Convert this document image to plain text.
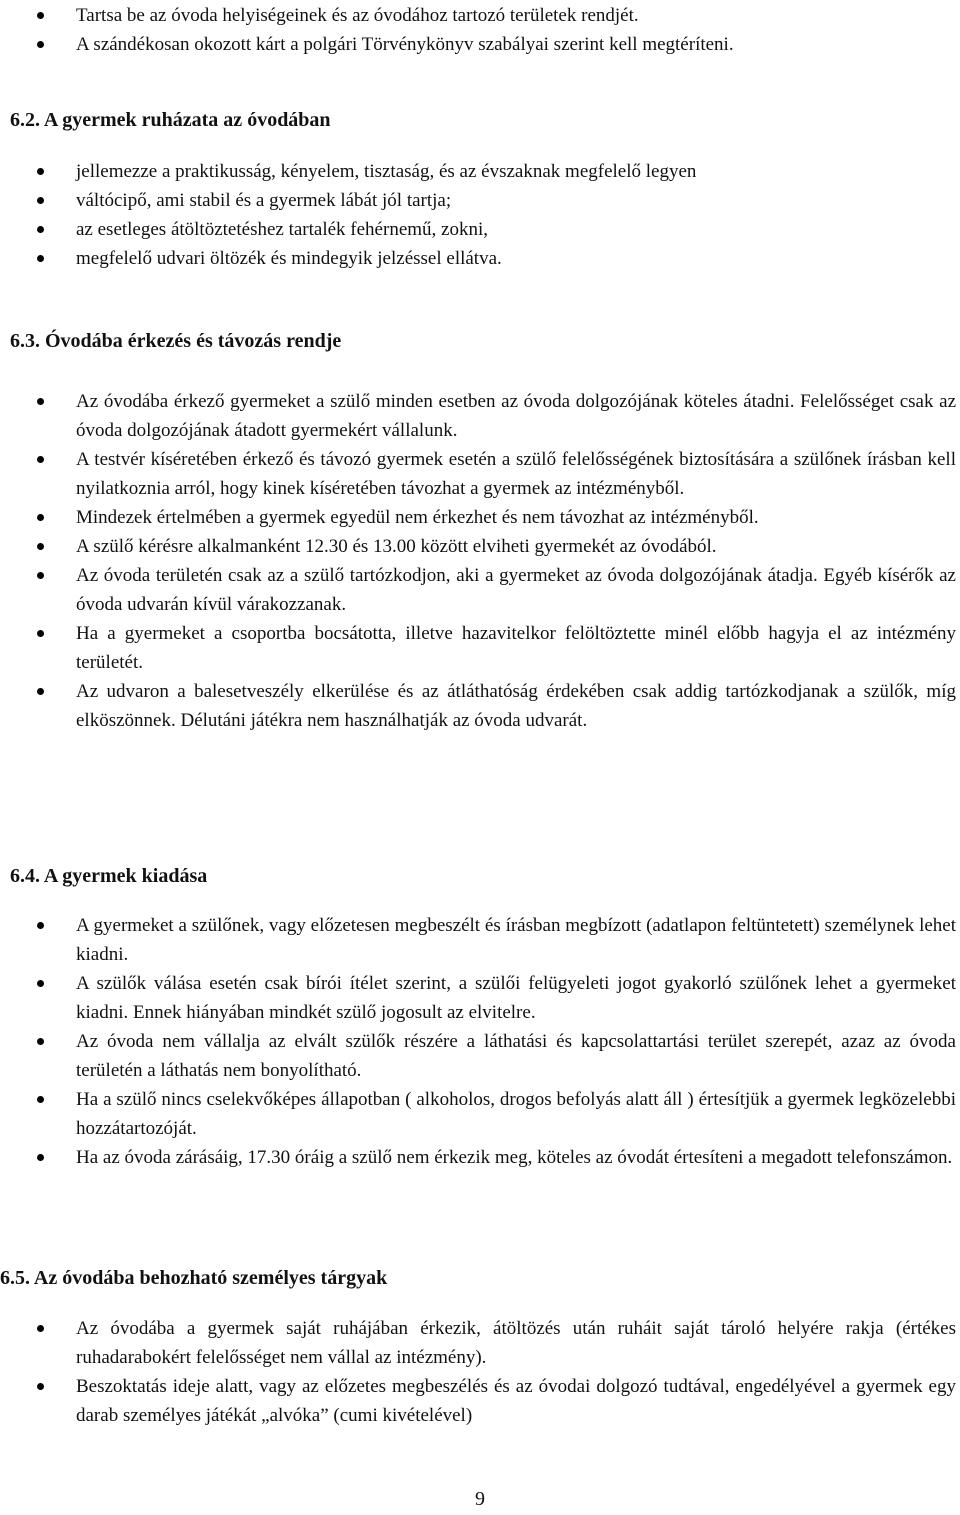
Tartsa be az óvoda helyiségeinek és az óvodához tartozó területek rendjét.
A szándékosan okozott kárt a polgári Törvénykönyv szabályai szerint kell megtéríteni.
6.2. A gyermek ruházata az óvodában
jellemezze a praktikusság, kényelem, tisztaság, és az évszaknak megfelelő legyen
váltócipő, ami stabil és a gyermek lábát jól tartja;
az esetleges átöltöztetéshez tartalék fehérnemű, zokni,
megfelelő udvari öltözék és mindegyik jelzéssel ellátva.
6.3. Óvodába érkezés és távozás rendje
Az óvodába érkező gyermeket a szülő minden esetben az óvoda dolgozójának köteles átadni. Felelősséget csak az óvoda dolgozójának átadott gyermekért vállalunk.
A testvér kíséretében érkező és távozó gyermek esetén a szülő felelősségének biztosítására a szülőnek írásban kell nyilatkoznia arról, hogy kinek kíséretében távozhat a gyermek az intézményből.
Mindezek értelmében a gyermek egyedül nem érkezhet és nem távozhat az intézményből.
A szülő kérésre alkalmanként 12.30 és 13.00 között elviheti gyermekét az óvodából.
Az óvoda területén csak az a szülő tartózkodjon, aki a gyermeket az óvoda dolgozójának átadja. Egyéb kísérők az óvoda udvarán kívül várakozzanak.
Ha a gyermeket a csoportba bocsátotta, illetve hazavitelkor felöltöztette minél előbb hagyja el az intézmény területét.
Az udvaron a balesetveszély elkerülése és az átláthatóság érdekében csak addig tartózkodjanak a szülők, míg elköszönnek. Délutáni játékra nem használhatják az óvoda udvarát.
6.4. A gyermek kiadása
A gyermeket a szülőnek, vagy előzetesen megbeszélt és írásban megbízott (adatlapon feltüntetett) személynek lehet kiadni.
A szülők válása esetén csak bírói ítélet szerint, a szülői felügyeleti jogot gyakorló szülőnek lehet a gyermeket kiadni. Ennek hiányában mindkét szülő jogosult az elvitelre.
Az óvoda nem vállalja az elvált szülők részére a láthatási és kapcsolattartási terület szerepét, azaz az óvoda területén a láthatás nem bonyolítható.
Ha a szülő nincs cselekvőképes állapotban ( alkoholos, drogos befolyás alatt áll ) értesítjük a gyermek legközelebbi hozzátartozóját.
Ha az óvoda zárásáig, 17.30 óráig a szülő nem érkezik meg, köteles az óvodát értesíteni a megadott telefonszámon.
6.5. Az óvodába behozható személyes tárgyak
Az óvodába a gyermek saját ruhájában érkezik, átöltözés után ruháit saját tároló helyére rakja (értékes ruhadarabokért felelősséget nem vállal az intézmény).
Beszoktatás ideje alatt, vagy az előzetes megbeszélés és az óvodai dolgozó tudtával, engedélyével a gyermek egy darab személyes játékát „alvóka” (cumi kivételével)
9
